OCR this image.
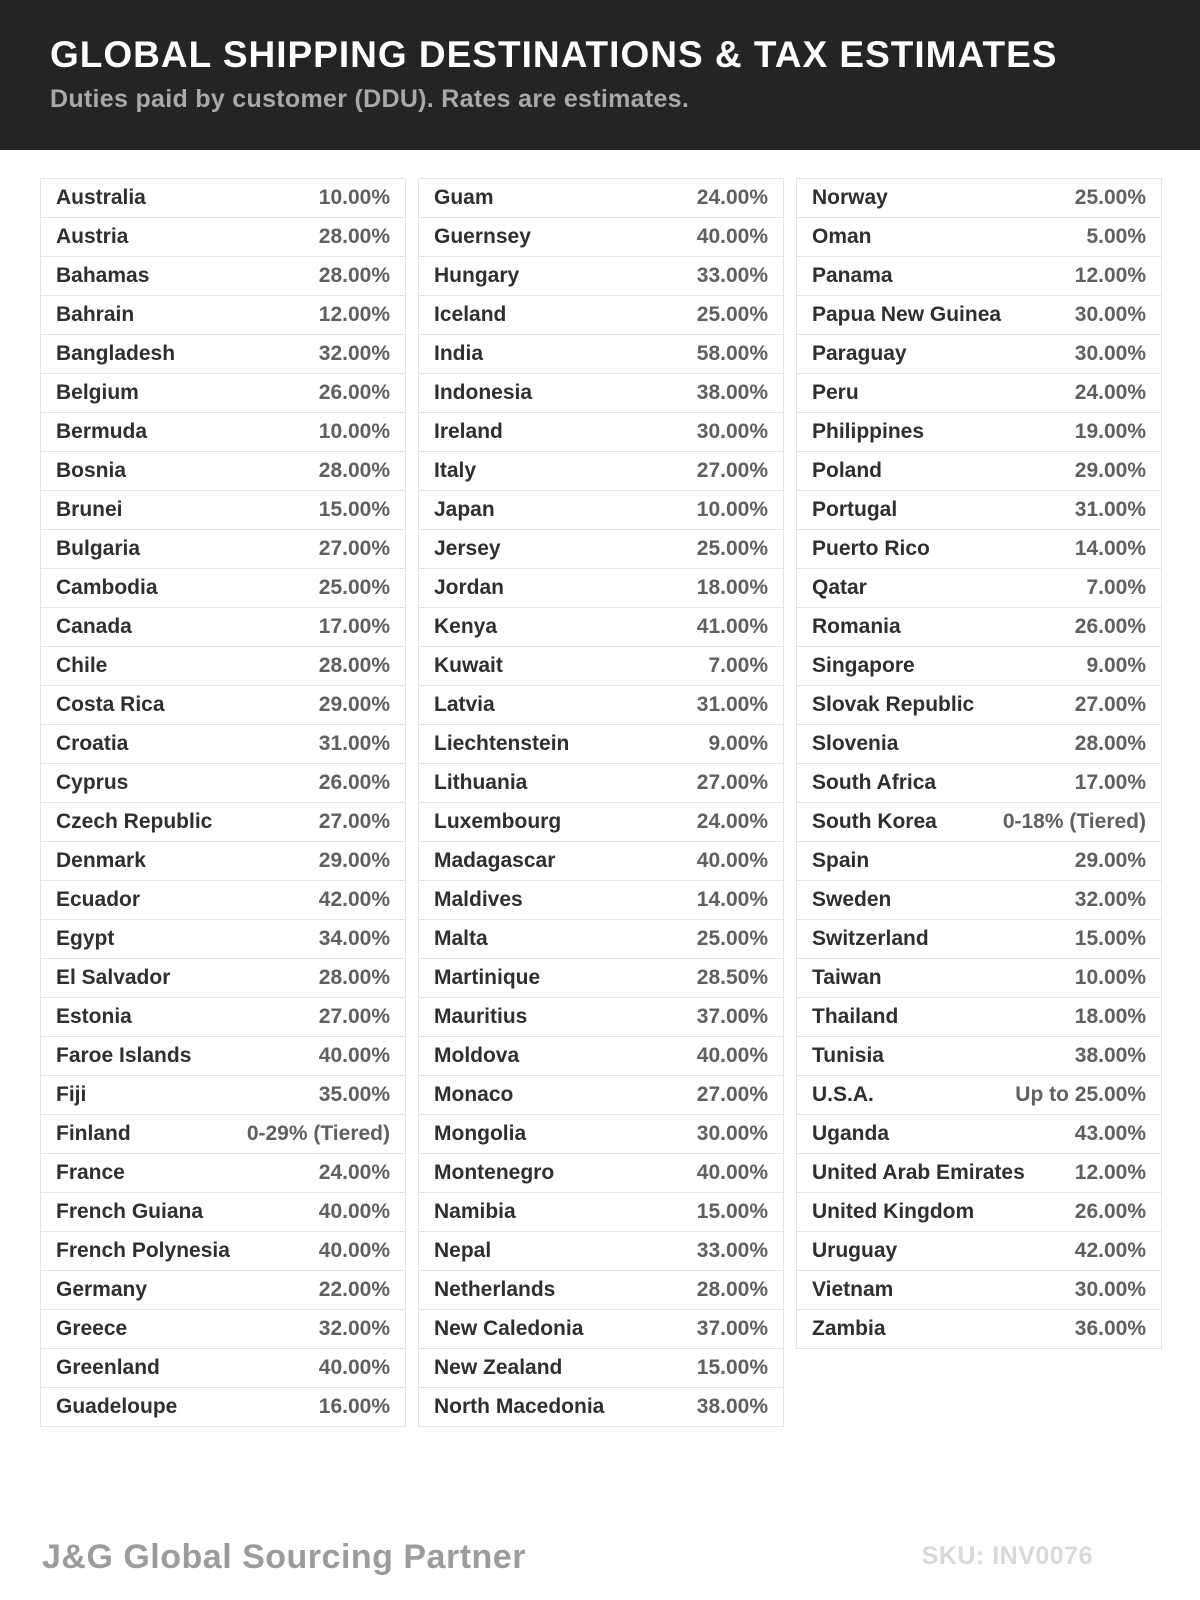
GLOBAL SHIPPING DESTINATIONS & TAX ESTIMATES

Duties paid by customer (DDU). Rates are estimates.

Australia	10.00%
Austria	28.00%
Bahamas	28.00%
Bahrain	12.00%
Bangladesh	32.00%
Belgium	26.00%
Bermuda	10.00%
Bosnia	28.00%
Brunei	15.00%
Bulgaria	27.00%
Cambodia	25.00%
Canada	17.00%
Chile	28.00%
Costa Rica	29.00%
Croatia	31.00%
Cyprus	26.00%
Czech Republic	27.00%
Denmark	29.00%
Ecuador	42.00%
Egypt	34.00%
El Salvador	28.00%
Estonia	27.00%
Faroe Islands	40.00%
Fiji	35.00%
Finland	0-29% (Tiered)
France	24.00%
French Guiana	40.00%
French Polynesia	40.00%
Germany	22.00%
Greece	32.00%
Greenland	40.00%
Guadeloupe	16.00%
Guam	24.00%
Guernsey	40.00%
Hungary	33.00%
Iceland	25.00%
India	58.00%
Indonesia	38.00%
Ireland	30.00%
Italy	27.00%
Japan	10.00%
Jersey	25.00%
Jordan	18.00%
Kenya	41.00%
Kuwait	7.00%
Latvia	31.00%
Liechtenstein	9.00%
Lithuania	27.00%
Luxembourg	24.00%
Madagascar	40.00%
Maldives	14.00%
Malta	25.00%
Martinique	28.50%
Mauritius	37.00%
Moldova	40.00%
Monaco	27.00%
Mongolia	30.00%
Montenegro	40.00%
Namibia	15.00%
Nepal	33.00%
Netherlands	28.00%
New Caledonia	37.00%
New Zealand	15.00%
North Macedonia	38.00%
Norway	25.00%
Oman	5.00%
Panama	12.00%
Papua New Guinea	30.00%
Paraguay	30.00%
Peru	24.00%
Philippines	19.00%
Poland	29.00%
Portugal	31.00%
Puerto Rico	14.00%
Qatar	7.00%
Romania	26.00%
Singapore	9.00%
Slovak Republic	27.00%
Slovenia	28.00%
South Africa	17.00%
South Korea	0-18% (Tiered)
Spain	29.00%
Sweden	32.00%
Switzerland	15.00%
Taiwan	10.00%
Thailand	18.00%
Tunisia	38.00%
U.S.A.	Up to 25.00%
Uganda	43.00%
United Arab Emirates 12.00%
United Kingdom	26.00%
Uruguay	42.00%
Vietnam	30.00%
Zambia	36.00%
J&G Global Sourcing Partner	SKU: INV0076
